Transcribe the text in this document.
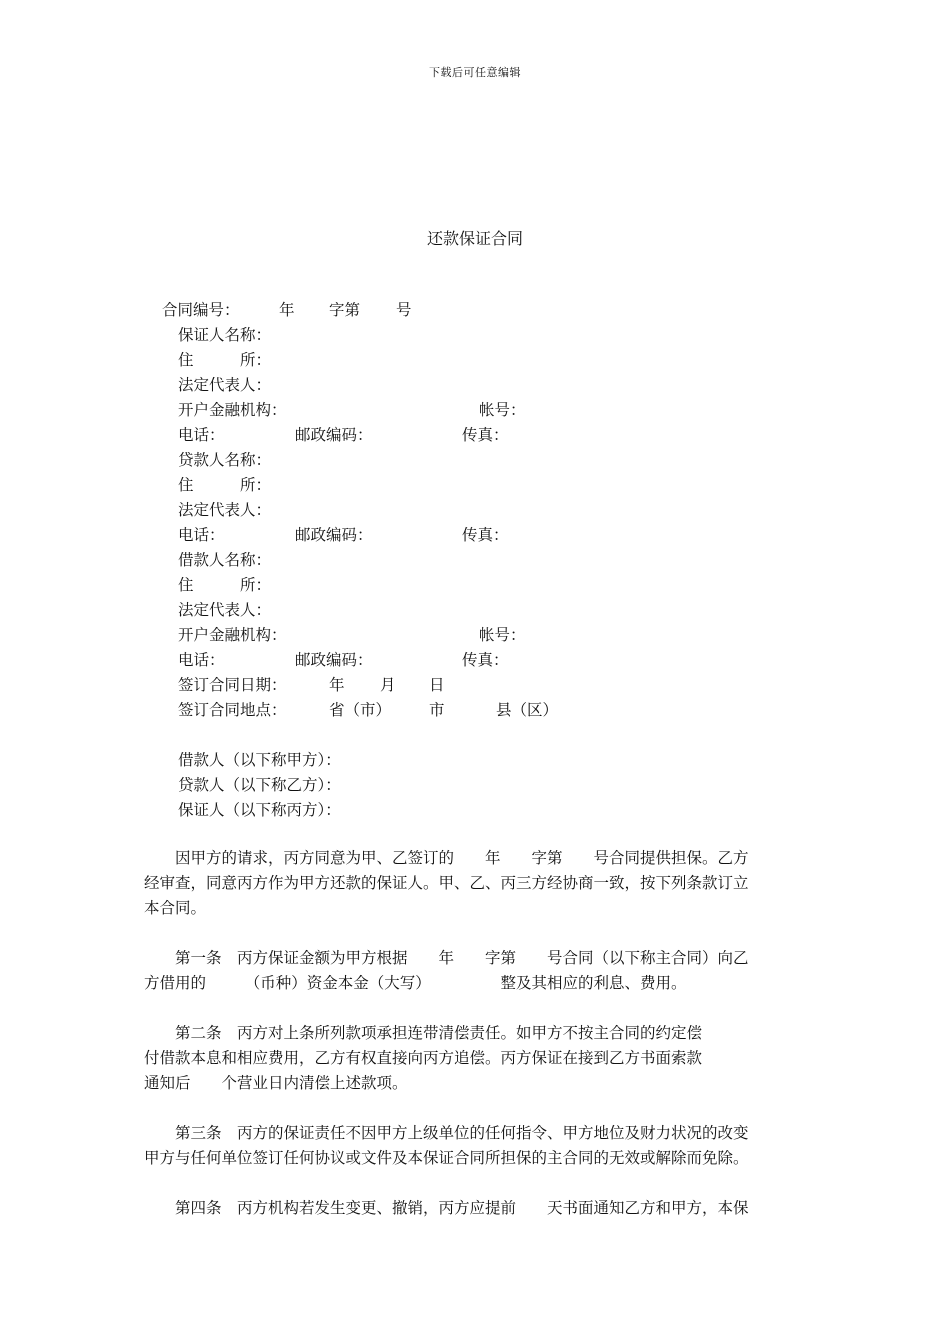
下载后可任意编辑
还款保证合同
合同编号：	年 字第 号
保证人名称：
住　　　所：
法定代表人：
开户金融机构：	帐号：
电话：	邮政编码：	传真：
贷款人名称：
住　　　所：
法定代表人：
电话：	邮政编码：	传真：
借款人名称：
住　　　所：
法定代表人：
开户金融机构：	帐号：
电话：	邮政编码：	传真：
签订合同日期：	年 月 日
签订合同地点：	省（市） 市	县（区）
借款人（以下称甲方）：
贷款人（以下称乙方）：
保证人（以下称丙方）：
　　因甲方的请求，丙方同意为甲、乙签订的　　年　　字第　　号合同提供担保。乙方
经审查，同意丙方作为甲方还款的保证人。甲、乙、丙三方经协商一致，按下列条款订立
本合同。
　　第一条　丙方保证金额为甲方根据　　年　　字第　　号合同（以下称主合同）向乙
方借用的　　　（币种）资金本金（大写）　　　　　整及其相应的利息、费用。
　　第二条　丙方对上条所列款项承担连带清偿责任。如甲方不按主合同的约定偿
付借款本息和相应费用，乙方有权直接向丙方追偿。丙方保证在接到乙方书面索款
通知后　　个营业日内清偿上述款项。
　　第三条　丙方的保证责任不因甲方上级单位的任何指令、甲方地位及财力状况的改变
甲方与任何单位签订任何协议或文件及本保证合同所担保的主合同的无效或解除而免除。
　　第四条　丙方机构若发生变更、撤销，丙方应提前　　天书面通知乙方和甲方，本保
